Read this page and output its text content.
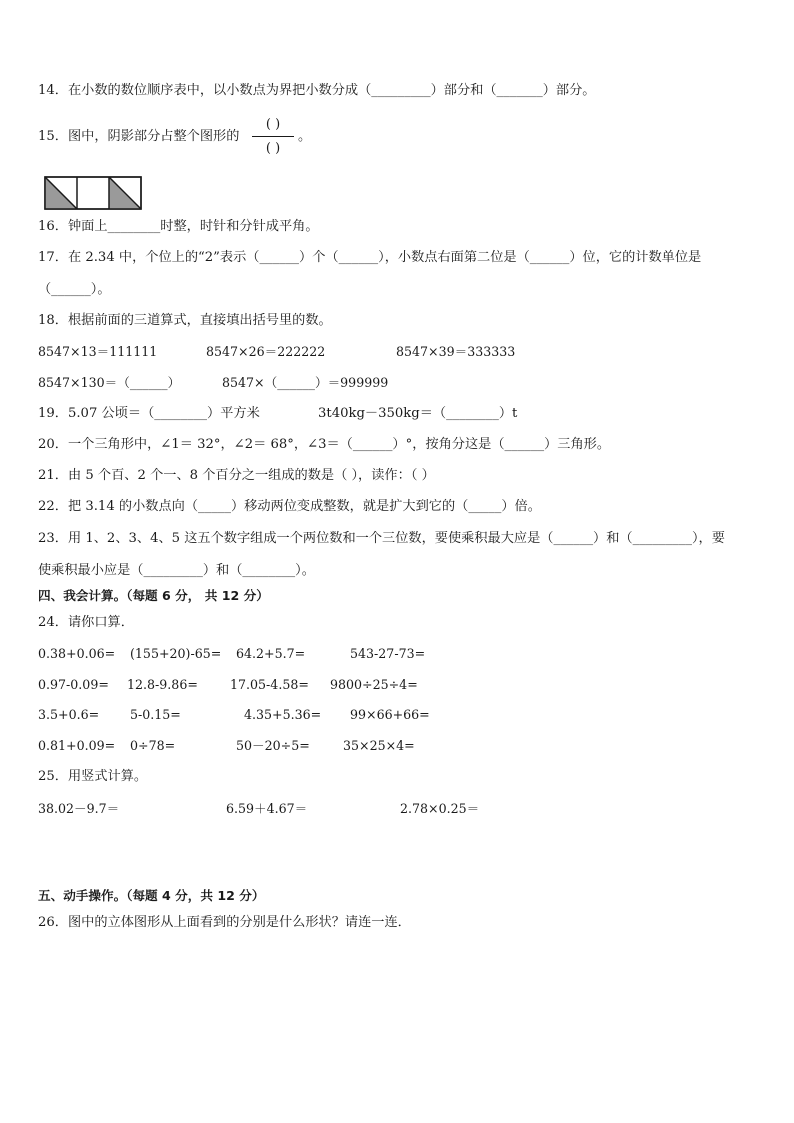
14．在小数的数位顺序表中，以小数点为界把小数分成（_________）部分和（_______）部分。
15．图中，阴影部分占整个图形的
( )
( )
。
16．钟面上________时整，时针和分针成平角。
17．在 2.34 中，个位上的“2”表示（______）个（______），小数点右面第二位是（______）位，它的计数单位是
（______）。
18．根据前面的三道算式，直接填出括号里的数。
8547×13＝111111	8547×26＝222222	8547×39＝333333
8547×130＝（______）	8547×（______）＝999999
19．5.07 公顷＝（________）平方米	3t40kg－350kg＝（________）t
20．一个三角形中，∠1＝ 32°，∠2＝ 68°，∠3＝（______）°，按角分这是（______）三角形。
21．由 5 个百、2 个一、8 个百分之一组成的数是（ ），读作：（ ）
22．把 3.14 的小数点向（_____）移动两位变成整数，就是扩大到它的（_____）倍。
23．用 1、2、3、4、5 这五个数字组成一个两位数和一个三位数，要使乘积最大应是（______）和（_________），要
使乘积最小应是（_________）和（________）。
四、我会计算。（每题 6 分， 共 12 分）
24．请你口算．
0.38+0.06= (155+20)-65= 64.2+5.7=	543-27-73=
0.97-0.09= 12.8-9.86=	17.05-4.58= 9800÷25÷4=
3.5+0.6= 5-0.15=	4.35+5.36= 99×66+66=
0.81+0.09= 0÷78=	50－20÷5=	35×25×4=
25．用竖式计算。
38.02－9.7＝	6.59＋4.67＝	2.78×0.25＝
五、动手操作。（每题 4 分，共 12 分）
26．图中的立体图形从上面看到的分别是什么形状？请连一连．
